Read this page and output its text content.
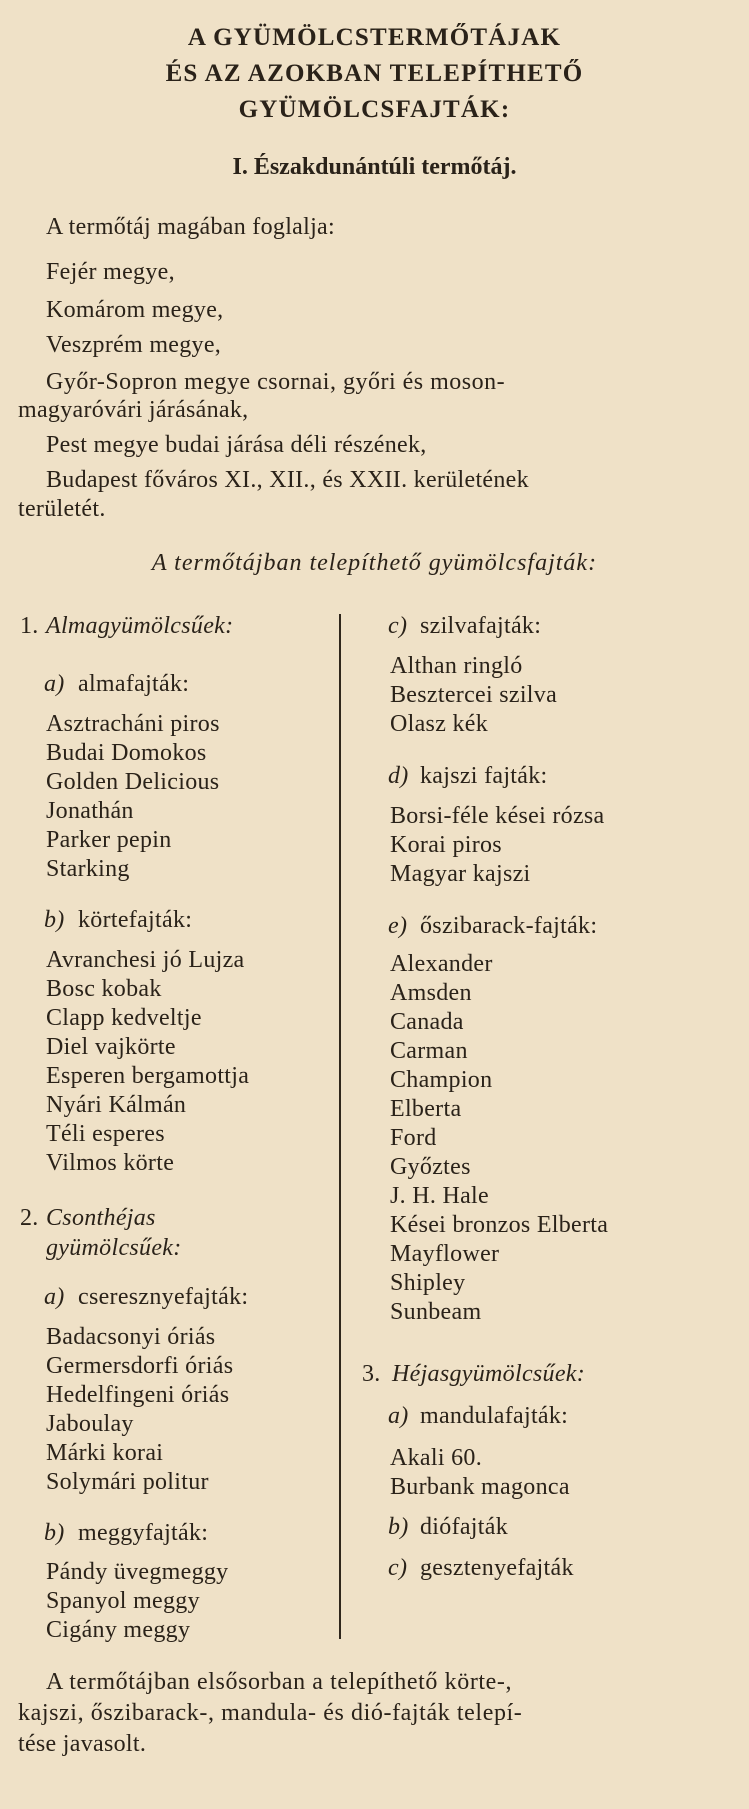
A GYÜMÖLCSTERMŐTÁJAK
ÉS AZ AZOKBAN TELEPÍTHETŐ
GYÜMÖLCSFAJTÁK:
I. Északdunántúli termőtáj.
A termőtáj magában foglalja:
Fejér megye,
Komárom megye,
Veszprém megye,
Győr-Sopron megye csornai, győri és moson-
magyaróvári járásának,
Pest megye budai járása déli részének,
Budapest főváros XI., XII., és XXII. kerületének
területét.
A termőtájban telepíthető gyümölcsfajták:
1. Almagyümölcsűek:
a) almafajták:
Asztracháni piros
Budai Domokos
Golden Delicious
Jonathán
Parker pepin
Starking
b) körtefajták:
Avranchesi jó Lujza
Bosc kobak
Clapp kedveltje
Diel vajkörte
Esperen bergamottja
Nyári Kálmán
Téli esperes
Vilmos körte
2. Csonthéjas
gyümölcsűek:
a) cseresznyefajták:
Badacsonyi óriás
Germersdorfi óriás
Hedelfingeni óriás
Jaboulay
Márki korai
Solymári politur
b) meggyfajták:
Pándy üvegmeggy
Spanyol meggy
Cigány meggy
c) szilvafajták:
Althan ringló
Besztercei szilva
Olasz kék
d) kajszi fajták:
Borsi-féle kései rózsa
Korai piros
Magyar kajszi
e) őszibarack-fajták:
Alexander
Amsden
Canada
Carman
Champion
Elberta
Ford
Győztes
J. H. Hale
Kései bronzos Elberta
Mayflower
Shipley
Sunbeam
3. Héjasgyümölcsűek:
a) mandulafajták:
Akali 60.
Burbank magonca
b) diófajták
c) gesztenyefajták
A termőtájban elsősorban a telepíthető körte-,
kajszi, őszibarack-, mandula- és dió-fajták telepí-
tése javasolt.
